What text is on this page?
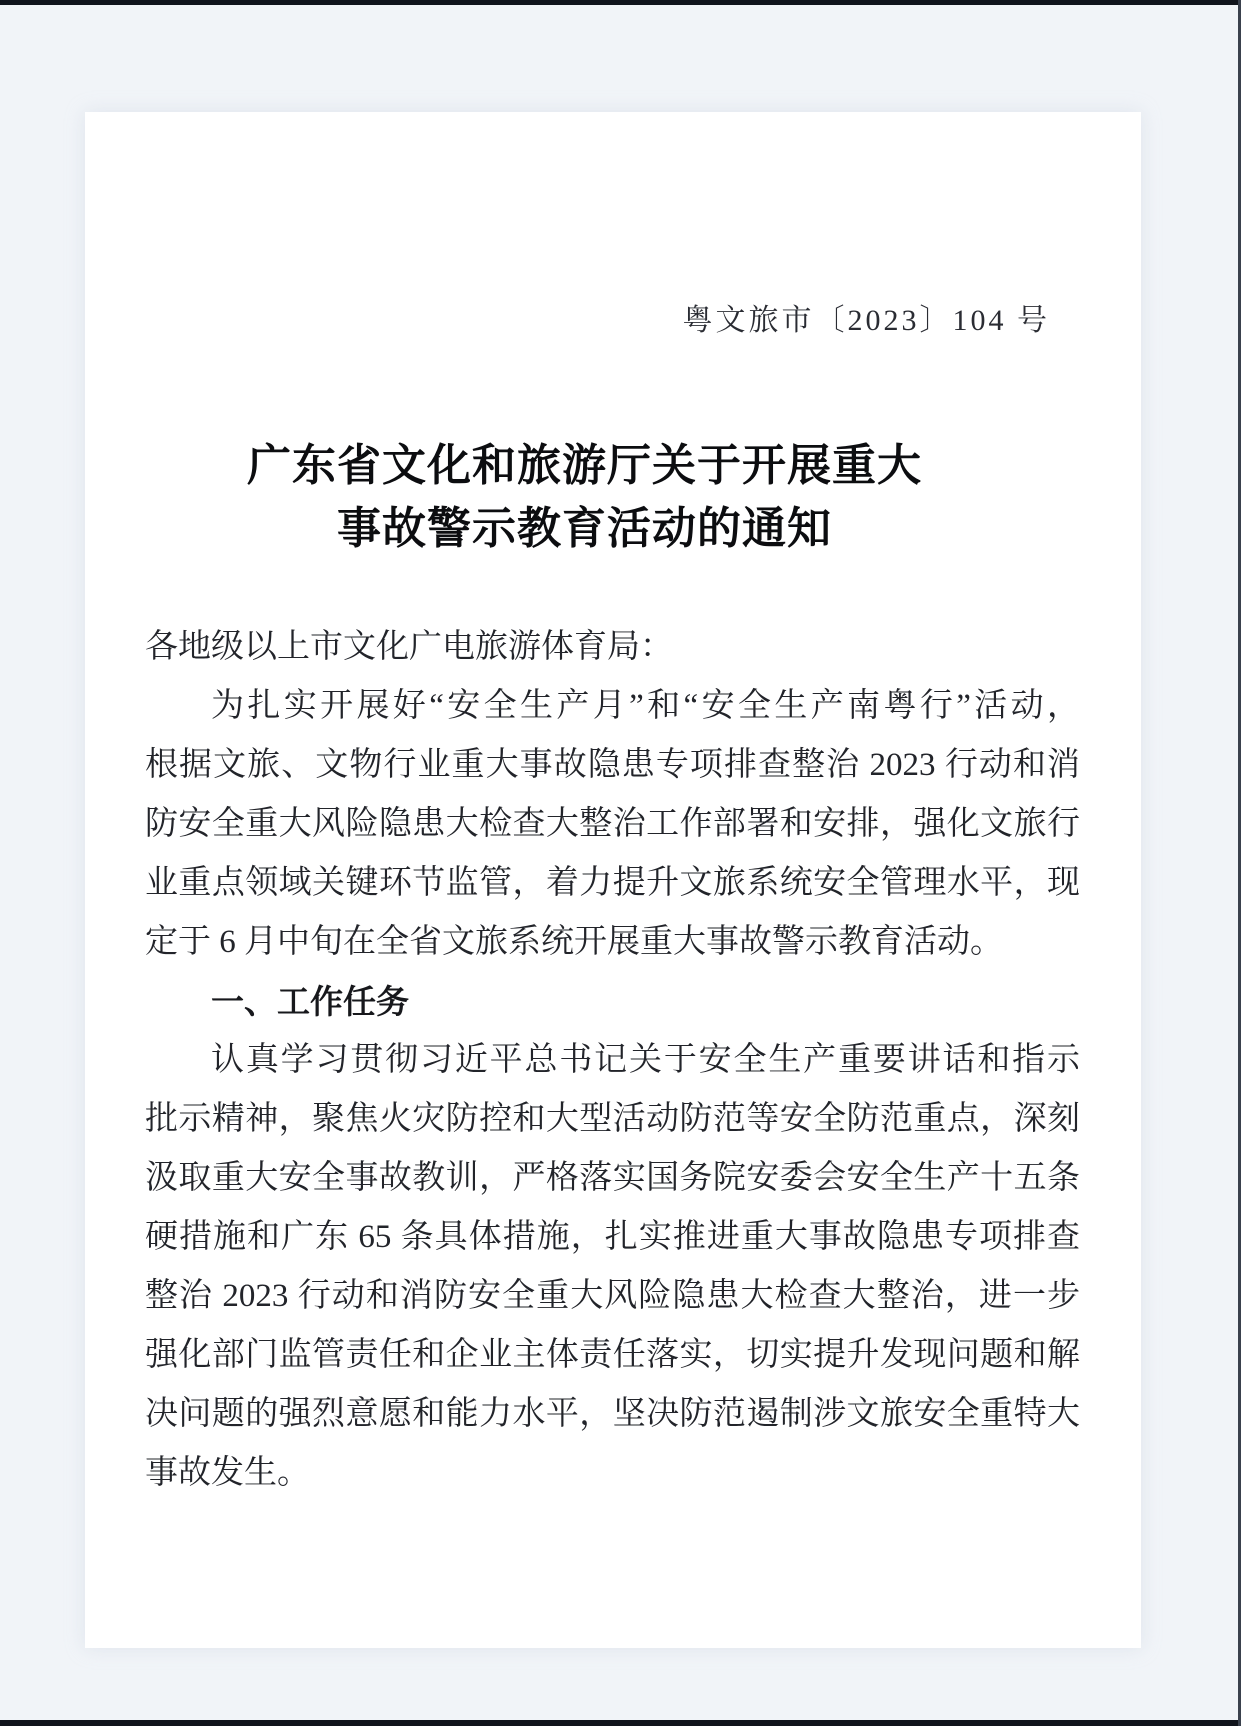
粤文旅市〔2023〕104 号
广东省文化和旅游厅关于开展重大
事故警示教育活动的通知
各地级以上市文化广电旅游体育局：
为扎实开展好“安全生产月”和“安全生产南粤行”活动，
根据文旅、文物行业重大事故隐患专项排查整治 2023 行动和消
防安全重大风险隐患大检查大整治工作部署和安排，强化文旅行
业重点领域关键环节监管，着力提升文旅系统安全管理水平，现
定于 6 月中旬在全省文旅系统开展重大事故警示教育活动。
一、工作任务
认真学习贯彻习近平总书记关于安全生产重要讲话和指示
批示精神，聚焦火灾防控和大型活动防范等安全防范重点，深刻
汲取重大安全事故教训，严格落实国务院安委会安全生产十五条
硬措施和广东 65 条具体措施，扎实推进重大事故隐患专项排查
整治 2023 行动和消防安全重大风险隐患大检查大整治，进一步
强化部门监管责任和企业主体责任落实，切实提升发现问题和解
决问题的强烈意愿和能力水平，坚决防范遏制涉文旅安全重特大
事故发生。
